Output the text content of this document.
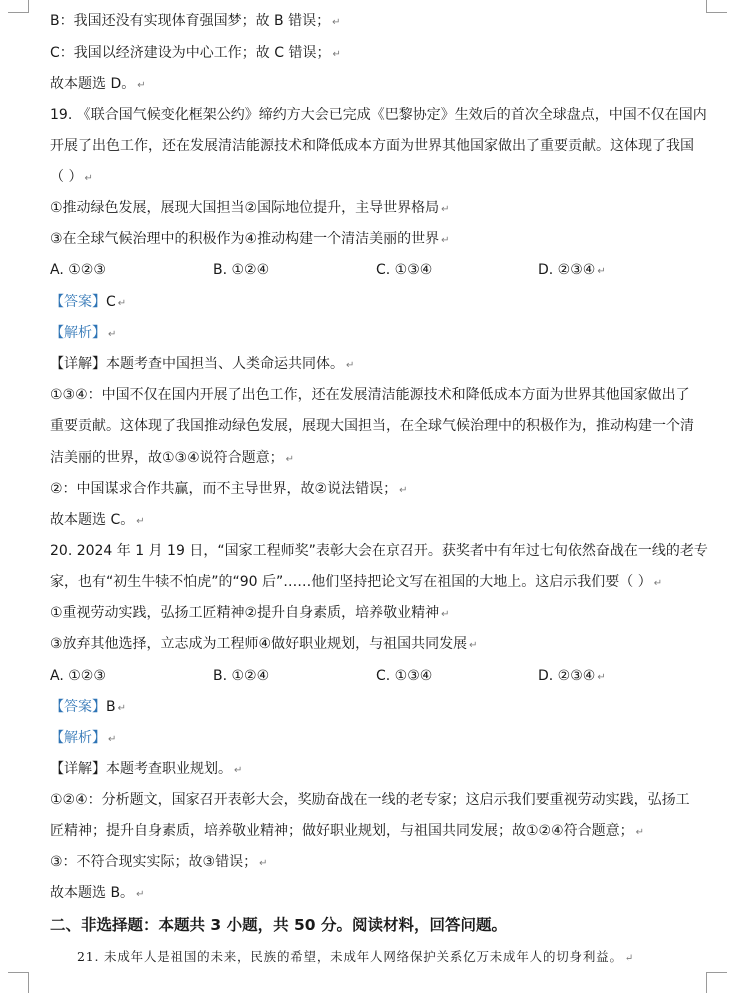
B：我国还没有实现体育强国梦；故 B 错误； ↵
C：我国以经济建设为中心工作；故 C 错误； ↵
故本题选 D。 ↵
19. 《联合国气候变化框架公约》缔约方大会已完成《巴黎协定》生效后的首次全球盘点，中国不仅在国内
开展了出色工作，还在发展清洁能源技术和降低成本方面为世界其他国家做出了重要贡献。这体现了我国
（ ） ↵
①推动绿色发展，展现大国担当②国际地位提升，主导世界格局 ↵
③在全球气候治理中的积极作为④推动构建一个清洁美丽的世界 ↵
A. ①②③	B. ①②④	C. ①③④	D. ②③④ ↵
【答案】C ↵
【解析】 ↵
【详解】本题考查中国担当、人类命运共同体。 ↵
①③④：中国不仅在国内开展了出色工作，还在发展清洁能源技术和降低成本方面为世界其他国家做出了
重要贡献。这体现了我国推动绿色发展，展现大国担当，在全球气候治理中的积极作为，推动构建一个清
洁美丽的世界，故①③④说符合题意； ↵
②：中国谋求合作共赢，而不主导世界，故②说法错误； ↵
故本题选 C。 ↵
20. 2024 年 1 月 19 日，“国家工程师奖”表彰大会在京召开。获奖者中有年过七旬依然奋战在一线的老专
家，也有“初生牛犊不怕虎”的“90 后”……他们坚持把论文写在祖国的大地上。这启示我们要（ ） ↵
①重视劳动实践，弘扬工匠精神②提升自身素质，培养敬业精神 ↵
③放弃其他选择，立志成为工程师④做好职业规划，与祖国共同发展 ↵
A. ①②③	B. ①②④	C. ①③④	D. ②③④ ↵
【答案】B ↵
【解析】 ↵
【详解】本题考查职业规划。 ↵
①②④：分析题文，国家召开表彰大会，奖励奋战在一线的老专家；这启示我们要重视劳动实践，弘扬工
匠精神；提升自身素质，培养敬业精神；做好职业规划，与祖国共同发展；故①②④符合题意； ↵
③：不符合现实实际；故③错误； ↵
故本题选 B。 ↵
二、非选择题：本题共 3 小题，共 50 分。阅读材料，回答问题。
21. 未成年人是祖国的未来，民族的希望，未成年人网络保护关系亿万未成年人的切身利益。 ↵
